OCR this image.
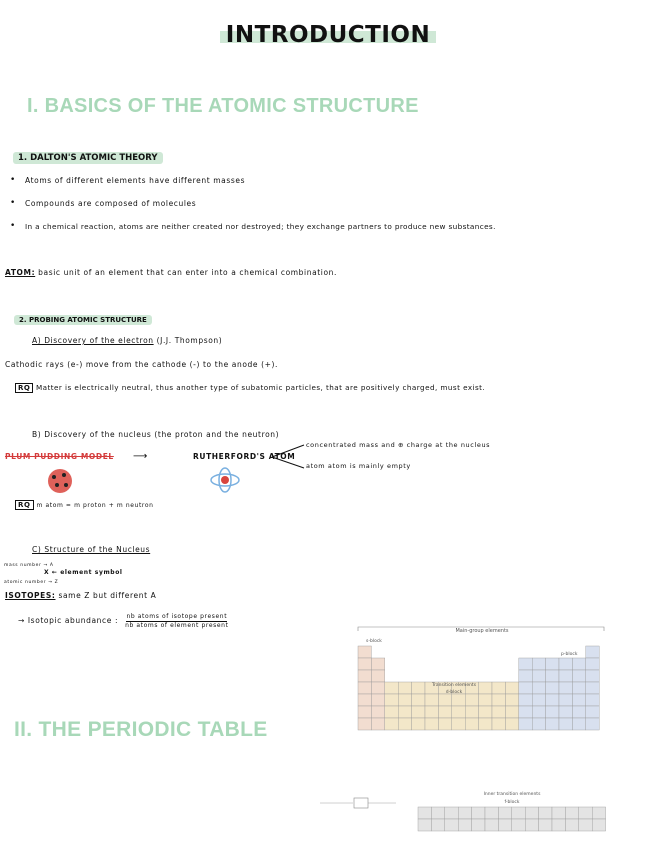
INTRODUCTION
I. BASICS OF THE ATOMIC STRUCTURE
1. DALTON'S ATOMIC THEORY
• Atoms of different elements have different masses
• Compounds are composed of molecules
• In a chemical reaction, atoms are neither created nor destroyed; they exchange partners to produce new substances.
ATOM: basic unit of an element that can enter into a chemical combination.
2. PROBING ATOMIC STRUCTURE
A) Discovery of the electron (J.J. Thompson)
Cathodic rays (e-) move from the cathode (-) to the anode (+).
RQ Matter is electrically neutral, thus another type of subatomic particles, that are positively charged, must exist.
B) Discovery of the nucleus (the proton and the neutron)
PLUM PUDDING MODEL ⟶	RUTHERFORD'S ATOM
concentrated mass and ⊕ charge at the nucleus
atom atom is mainly empty
RQ m atom = m proton + m neutron
C) Structure of the Nucleus
mass number → A
X ← element symbol
atomic number → Z
ISOTOPES: same Z but different A
→ Isotopic abundance : $\frac{\text{nb atoms of isotope present}}{\text{nb atoms of element present}}$
II. THE PERIODIC TABLE
Main-group elements
s-block
p-block
Transition elements
d-block
Inner transition elements
f-block
